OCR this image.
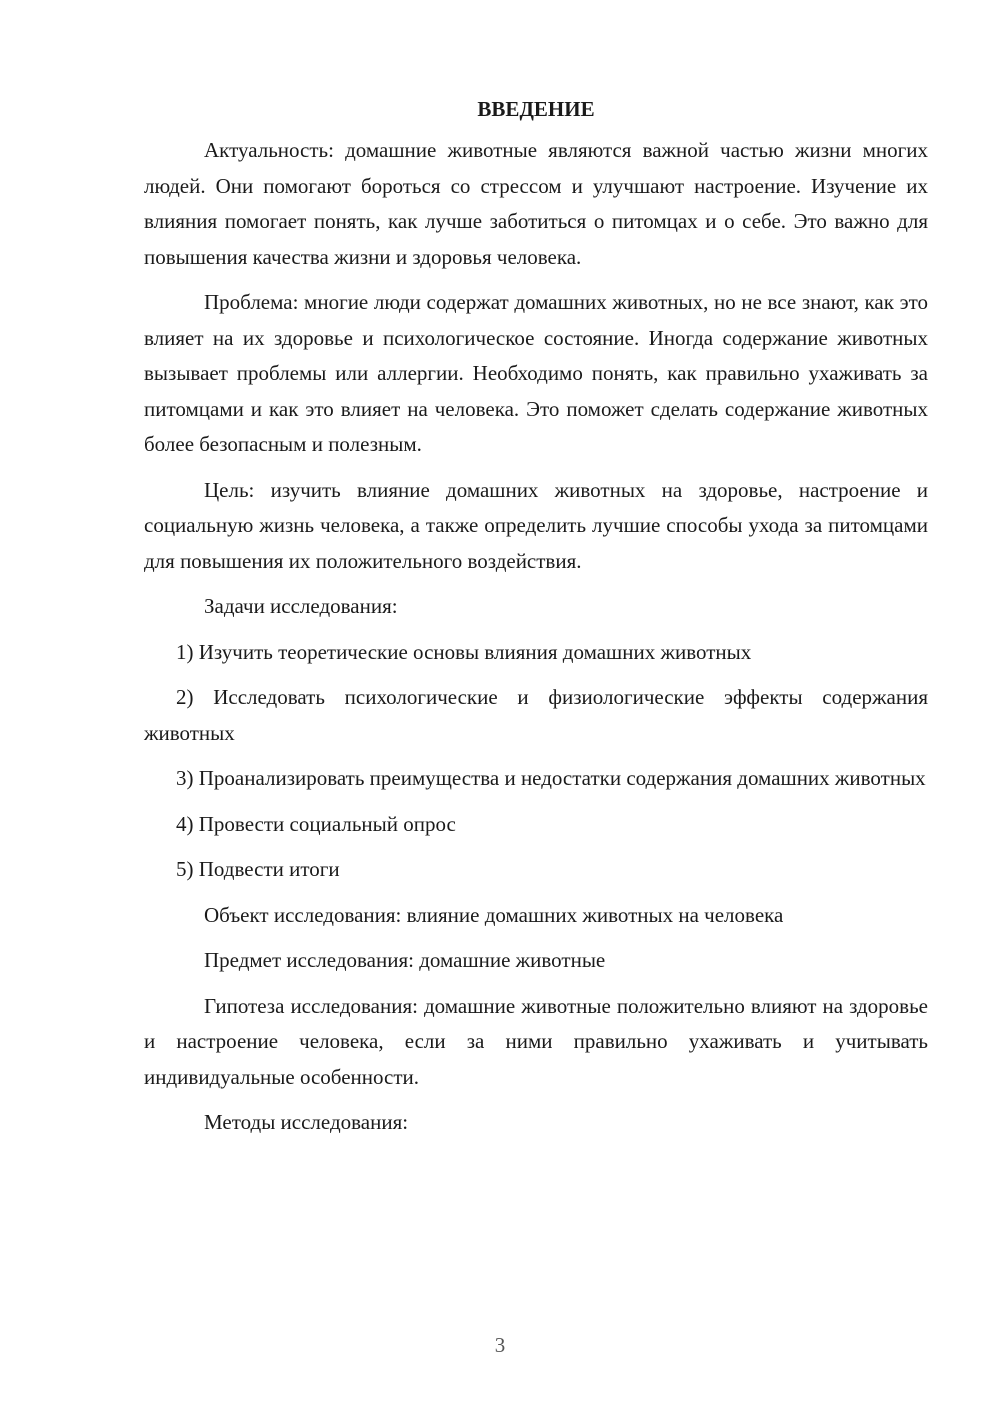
ВВЕДЕНИЕ

Актуальность: домашние животные являются важной частью жизни многих людей. Они помогают бороться со стрессом и улучшают настроение. Изучение их влияния помогает понять, как лучше заботиться о питомцах и о себе. Это важно для повышения качества жизни и здоровья человека.

Проблема: многие люди содержат домашних животных, но не все знают, как это влияет на их здоровье и психологическое состояние. Иногда содержание животных вызывает проблемы или аллергии. Необходимо понять, как правильно ухаживать за питомцами и как это влияет на человека. Это поможет сделать содержание животных более безопасным и полезным.

Цель: изучить влияние домашних животных на здоровье, настроение и социальную жизнь человека, а также определить лучшие способы ухода за питомцами для повышения их положительного воздействия.

Задачи исследования:

1) Изучить теоретические основы влияния домашних животных

2) Исследовать психологические и физиологические эффекты содержания животных

3) Проанализировать преимущества и недостатки содержания домашних животных

4) Провести социальный опрос

5) Подвести итоги

Объект исследования: влияние домашних животных на человека

Предмет исследования: домашние животные

Гипотеза исследования: домашние животные положительно влияют на здоровье и настроение человека, если за ними правильно ухаживать и учитывать индивидуальные особенности.

Методы исследования:

3
